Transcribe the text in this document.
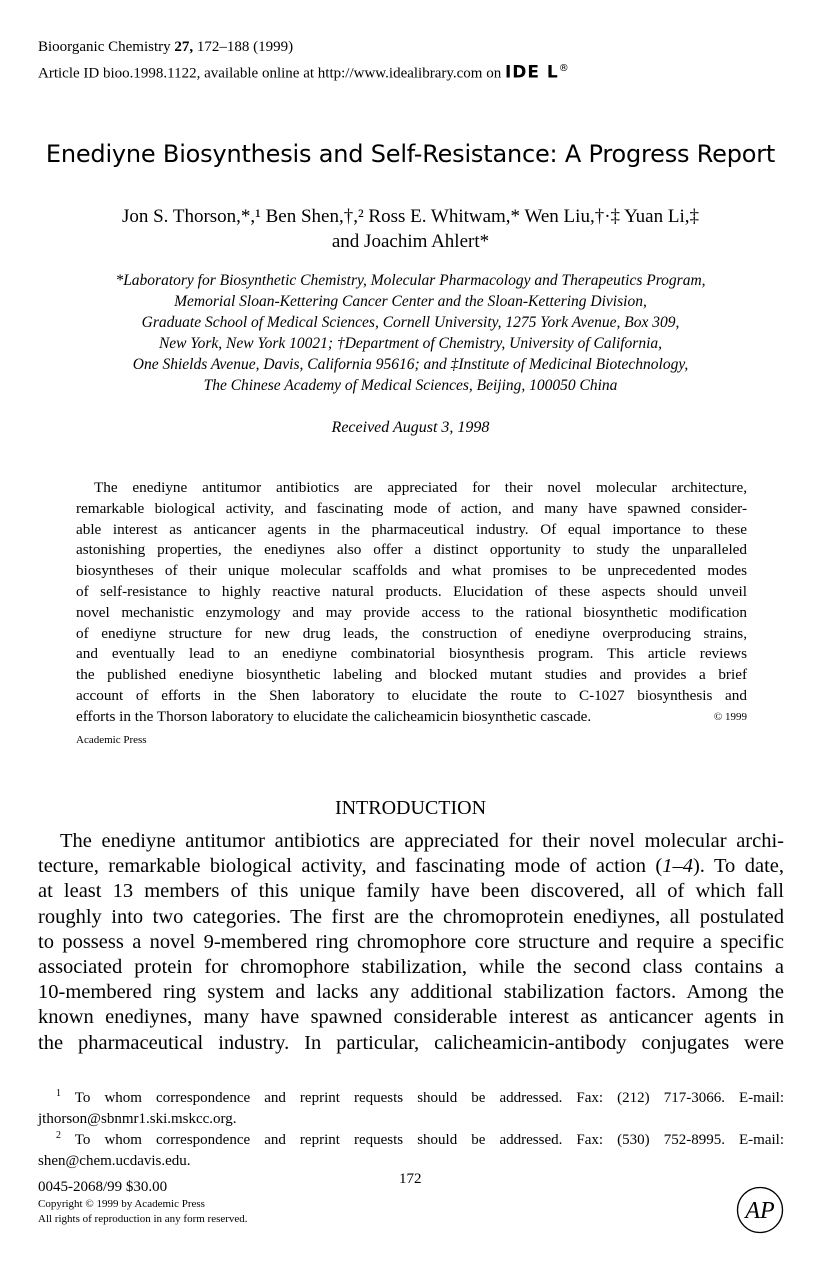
Bioorganic Chemistry 27, 172–188 (1999)
Article ID bioo.1998.1122, available online at http://www.idealibrary.com on IDE L®
Enediyne Biosynthesis and Self-Resistance: A Progress Report
Jon S. Thorson,*,¹ Ben Shen,†,² Ross E. Whitwam,* Wen Liu,†·‡ Yuan Li,‡
and Joachim Ahlert*
*Laboratory for Biosynthetic Chemistry, Molecular Pharmacology and Therapeutics Program,
Memorial Sloan-Kettering Cancer Center and the Sloan-Kettering Division,
Graduate School of Medical Sciences, Cornell University, 1275 York Avenue, Box 309,
New York, New York 10021; †Department of Chemistry, University of California,
One Shields Avenue, Davis, California 95616; and ‡Institute of Medicinal Biotechnology,
The Chinese Academy of Medical Sciences, Beijing, 100050 China
Received August 3, 1998
The enediyne antitumor antibiotics are appreciated for their novel molecular architecture,
remarkable biological activity, and fascinating mode of action, and many have spawned consider-
able interest as anticancer agents in the pharmaceutical industry. Of equal importance to these
astonishing properties, the enediynes also offer a distinct opportunity to study the unparalleled
biosyntheses of their unique molecular scaffolds and what promises to be unprecedented modes
of self-resistance to highly reactive natural products. Elucidation of these aspects should unveil
novel mechanistic enzymology and may provide access to the rational biosynthetic modification
of enediyne structure for new drug leads, the construction of enediyne overproducing strains,
and eventually lead to an enediyne combinatorial biosynthesis program. This article reviews
the published enediyne biosynthetic labeling and blocked mutant studies and provides a brief
account of efforts in the Shen laboratory to elucidate the route to C-1027 biosynthesis and
efforts in the Thorson laboratory to elucidate the calicheamicin biosynthetic cascade.	© 1999
Academic Press
INTRODUCTION
The enediyne antitumor antibiotics are appreciated for their novel molecular archi-
tecture, remarkable biological activity, and fascinating mode of action (1–4). To date,
at least 13 members of this unique family have been discovered, all of which fall
roughly into two categories. The first are the chromoprotein enediynes, all postulated
to possess a novel 9-membered ring chromophore core structure and require a specific
associated protein for chromophore stabilization, while the second class contains a
10-membered ring system and lacks any additional stabilization factors. Among the
known enediynes, many have spawned considerable interest as anticancer agents in
the pharmaceutical industry. In particular, calicheamicin-antibody conjugates were
$^1$ To whom correspondence and reprint requests should be addressed. Fax: (212) 717-3066. E-mail:
jthorson@sbnmr1.ski.mskcc.org.
$^2$ To whom correspondence and reprint requests should be addressed. Fax: (530) 752-8995. E-mail:
shen@chem.ucdavis.edu.
172
0045-2068/99 $30.00
Copyright © 1999 by Academic Press
All rights of reproduction in any form reserved.	AP
